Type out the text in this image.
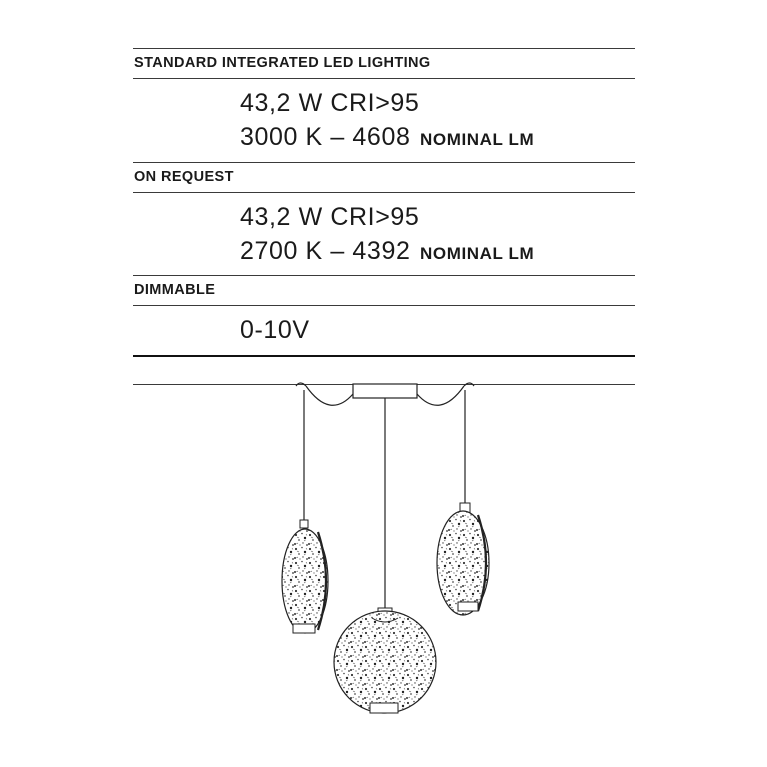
STANDARD INTEGRATED LED LIGHTING
43,2 W CRI>95
3000 K – 4608 NOMINAL LM
ON REQUEST
43,2 W CRI>95
2700 K – 4392 NOMINAL LM
DIMMABLE
0-10V
